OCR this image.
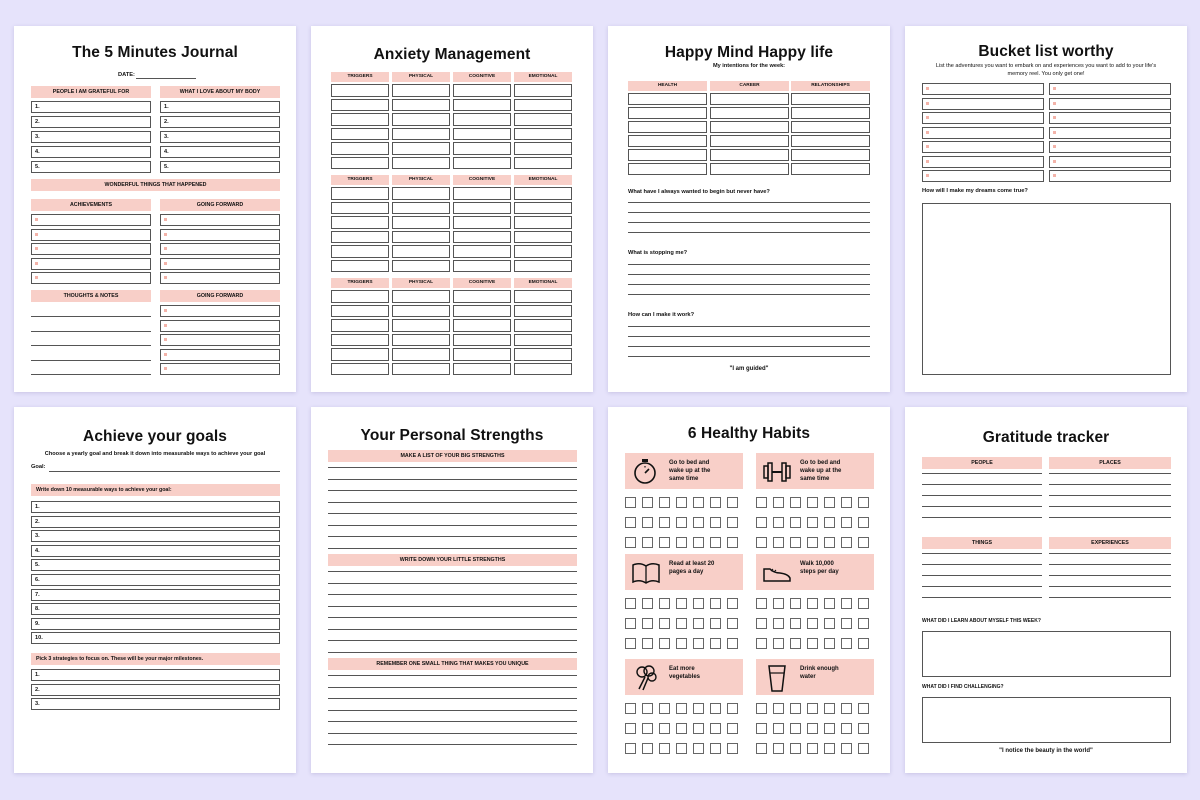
The 5 Minutes Journal
DATE:
PEOPLE I AM GRATEFUL FOR	WHAT I LOVE ABOUT MY BODY
1.	1.
2.	2.
3.	3.
4.	4.
5.	5.
WONDERFUL THINGS THAT HAPPENED
ACHIEVEMENTS	GOING FORWARD
THOUGHTS & NOTES	GOING FORWARD
Anxiety Management
TRIGGERS	PHYSICAL	COGNITIVE	EMOTIONAL
TRIGGERS	PHYSICAL	COGNITIVE	EMOTIONAL
TRIGGERS	PHYSICAL	COGNITIVE	EMOTIONAL
Happy Mind Happy life
My intentions for the week:
HEALTH	CAREER	RELATIONSHIPS
What have I always wanted to begin but never have?
What is stopping me?
How can I make it work?
"I am guided"
Bucket list worthy
List the adventures you want to embark on and experiences you want to add to your life's
memory reel. You only get one!
How will I make my dreams come true?
Achieve your goals
Choose a yearly goal and break it down into measurable ways to achieve your goal
Goal:
Write down 10 measurable ways to achieve your goal:
1.
2.
3.
4.
5.
6.
7.
8.
9.
10.
Pick 3 strategies to focus on. These will be your major milestones.
1.
2.
3.
Your Personal Strengths
MAKE A LIST OF YOUR BIG STRENGTHS
WRITE DOWN YOUR LITTLE STRENGTHS
REMEMBER ONE SMALL THING THAT MAKES YOU UNIQUE
6 Healthy Habits
Go to bed and
wake up at the
same time
Go to bed and
wake up at the
same time
Read at least 20
pages a day
Walk 10,000
steps per day
Eat more
vegetables
Drink enough
water
Gratitude tracker
PEOPLE	PLACES
THINGS	EXPERIENCES
WHAT DID I LEARN ABOUT MYSELF THIS WEEK?
WHAT DID I FIND CHALLENGING?
"I notice the beauty in the world"
